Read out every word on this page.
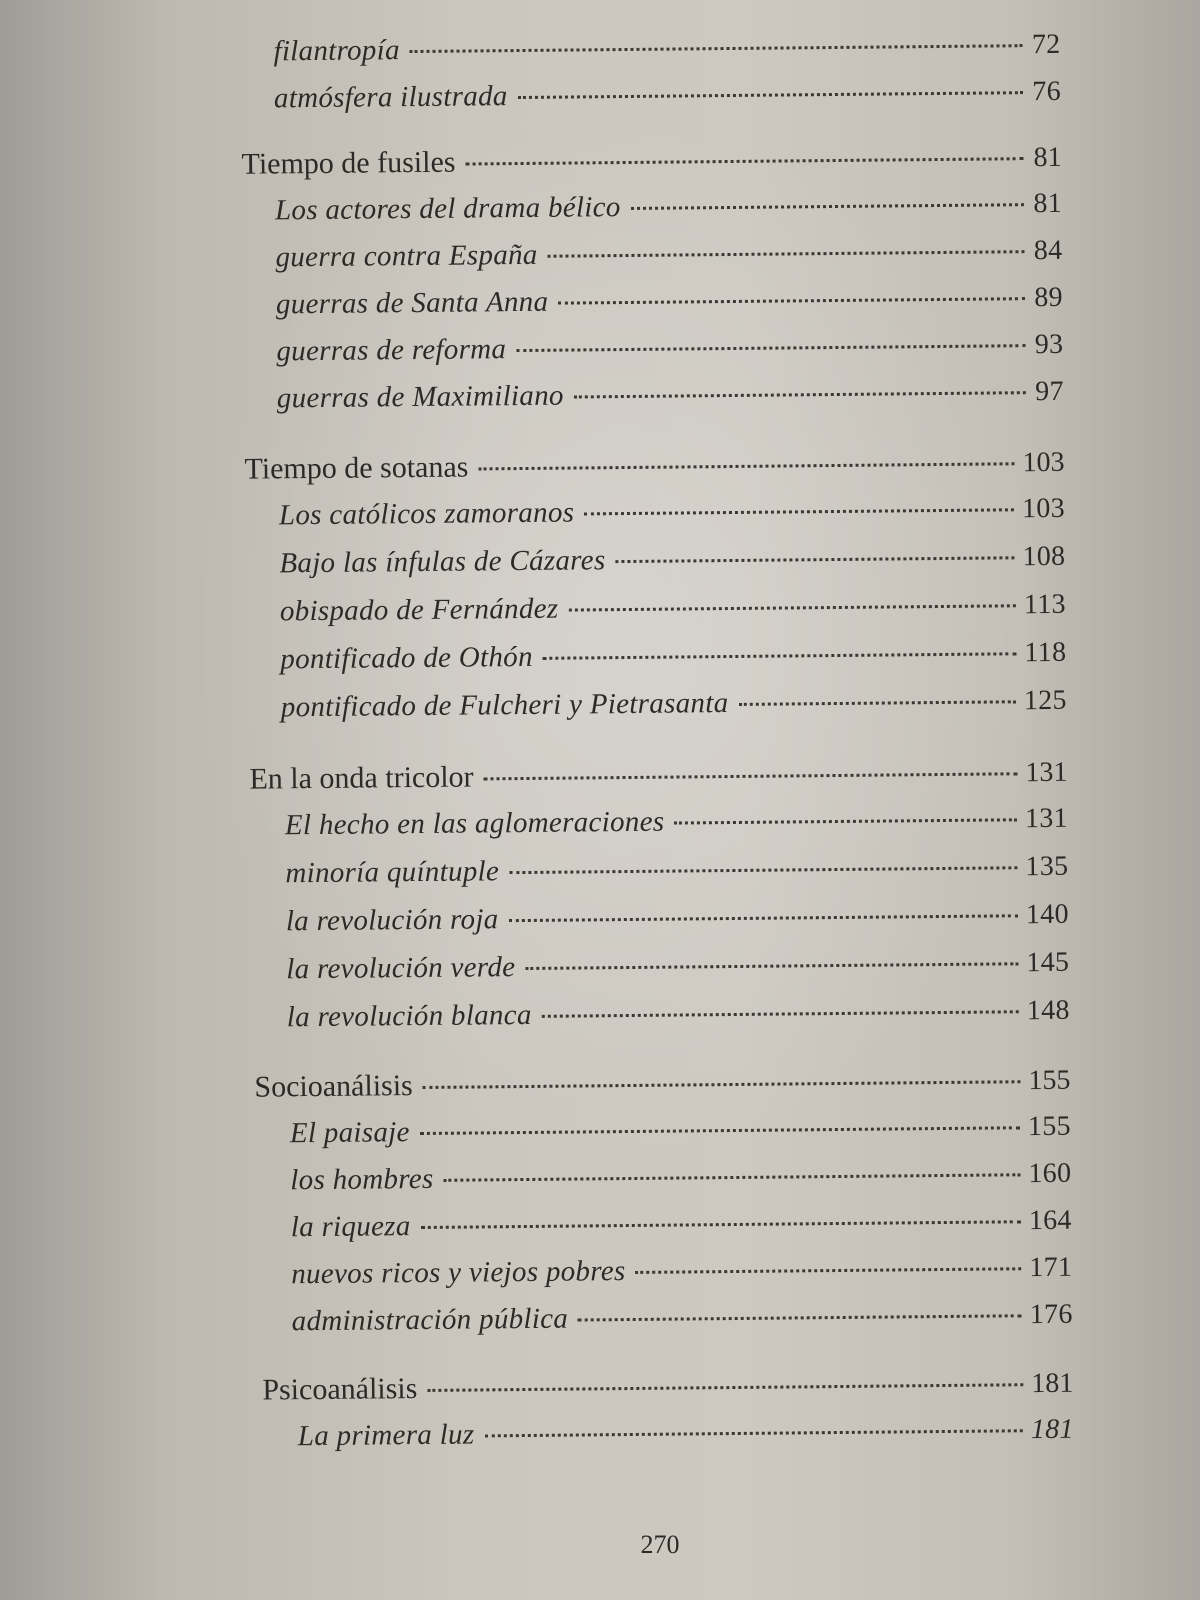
filantropía	72
atmósfera ilustrada	76
Tiempo de fusiles	81
Los actores del drama bélico	81
guerra contra España	84
guerras de Santa Anna	89
guerras de reforma	93
guerras de Maximiliano	97
Tiempo de sotanas	103
Los católicos zamoranos	103
Bajo las ínfulas de Cázares	108
obispado de Fernández	113
pontificado de Othón	118
pontificado de Fulcheri y Pietrasanta	125
En la onda tricolor	131
El hecho en las aglomeraciones	131
minoría quíntuple	135
la revolución roja	140
la revolución verde	145
la revolución blanca	148
Socioanálisis	155
El paisaje	155
los hombres	160
la riqueza	164
nuevos ricos y viejos pobres	171
administración pública	176
Psicoanálisis	181
La primera luz	181
270
